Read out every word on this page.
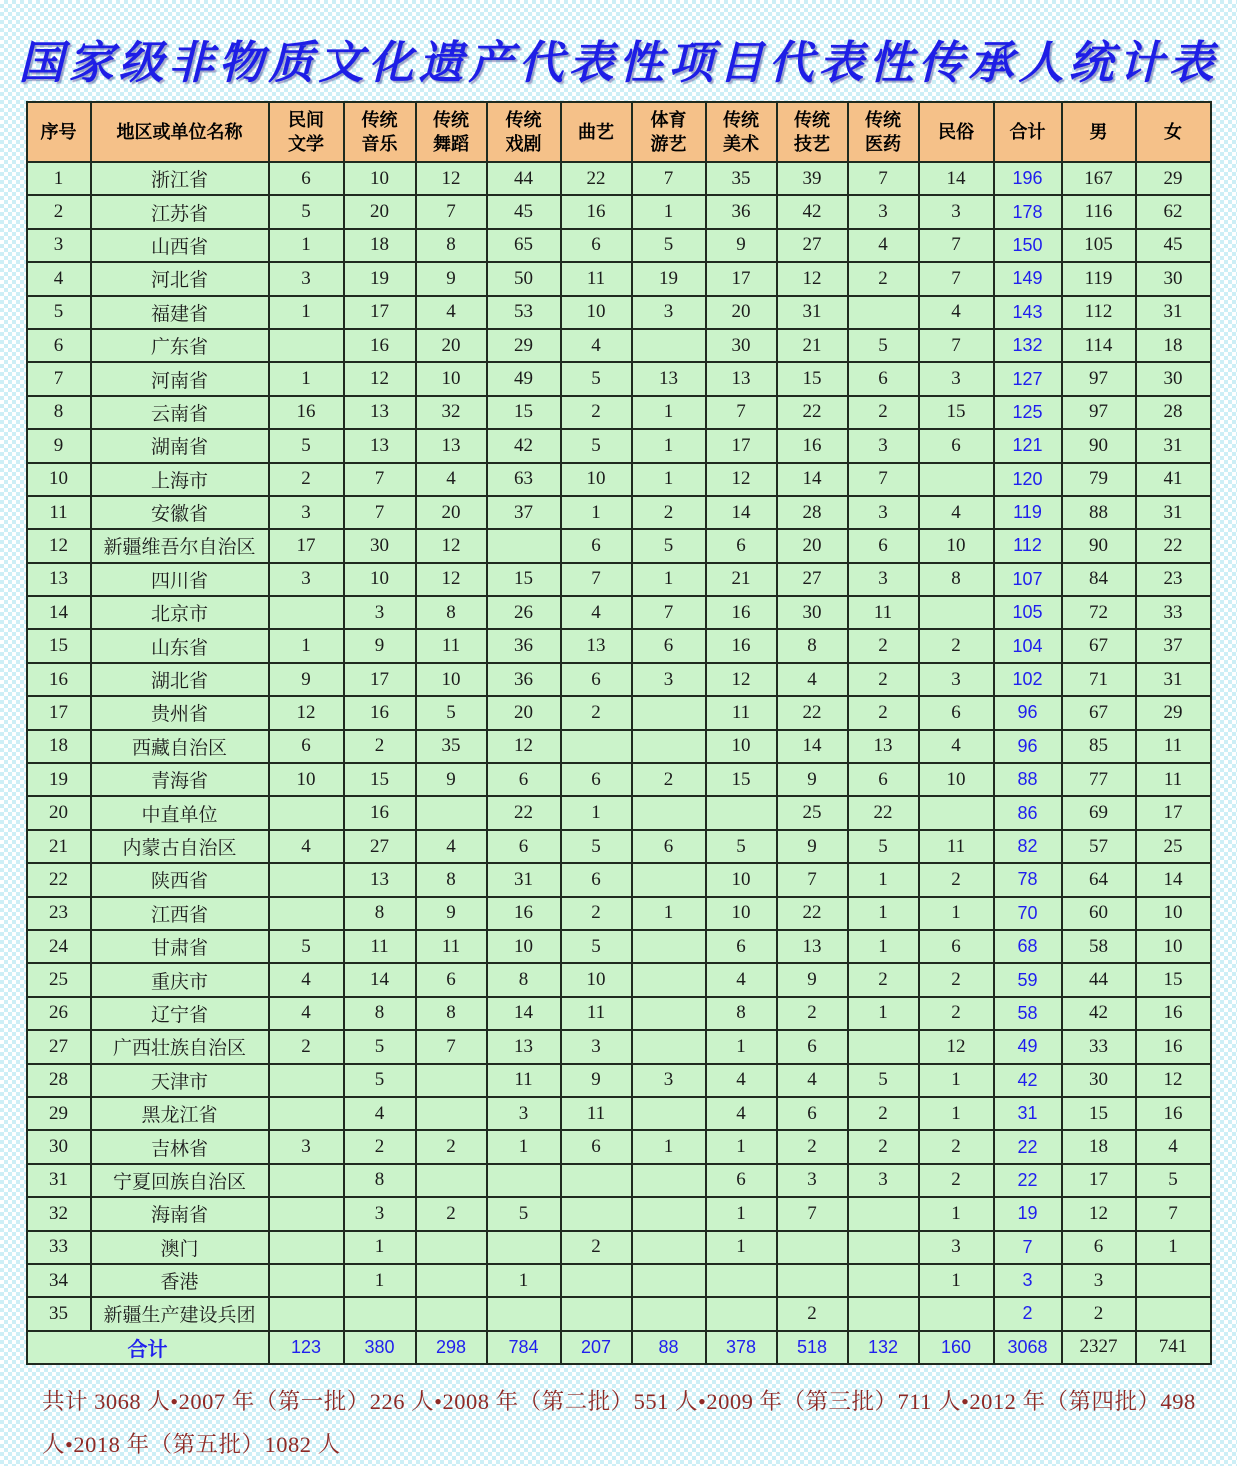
国家级非物质文化遗产代表性项目代表性传承人统计表
序号	地区或单位名称	民间
文学	传统
音乐	传统
舞蹈	传统
戏剧	曲艺	体育
游艺	传统
美术	传统
技艺	传统
医药	民俗	合计	男	女
1	浙江省	6	10	12	44	22	7	35	39	7	14	196	167	29
2	江苏省	5	20	7	45	16	1	36	42	3	3	178	116	62
3	山西省	1	18	8	65	6	5	9	27	4	7	150	105	45
4	河北省	3	19	9	50	11	19	17	12	2	7	149	119	30
5	福建省	1	17	4	53	10	3	20	31		4	143	112	31
6	广东省		16	20	29	4		30	21	5	7	132	114	18
7	河南省	1	12	10	49	5	13	13	15	6	3	127	97	30
8	云南省	16	13	32	15	2	1	7	22	2	15	125	97	28
9	湖南省	5	13	13	42	5	1	17	16	3	6	121	90	31
10	上海市	2	7	4	63	10	1	12	14	7		120	79	41
11	安徽省	3	7	20	37	1	2	14	28	3	4	119	88	31
12	新疆维吾尔自治区	17	30	12		6	5	6	20	6	10	112	90	22
13	四川省	3	10	12	15	7	1	21	27	3	8	107	84	23
14	北京市		3	8	26	4	7	16	30	11		105	72	33
15	山东省	1	9	11	36	13	6	16	8	2	2	104	67	37
16	湖北省	9	17	10	36	6	3	12	4	2	3	102	71	31
17	贵州省	12	16	5	20	2		11	22	2	6	96	67	29
18	西藏自治区	6	2	35	12			10	14	13	4	96	85	11
19	青海省	10	15	9	6	6	2	15	9	6	10	88	77	11
20	中直单位		16		22	1			25	22		86	69	17
21	内蒙古自治区	4	27	4	6	5	6	5	9	5	11	82	57	25
22	陕西省		13	8	31	6		10	7	1	2	78	64	14
23	江西省		8	9	16	2	1	10	22	1	1	70	60	10
24	甘肃省	5	11	11	10	5		6	13	1	6	68	58	10
25	重庆市	4	14	6	8	10		4	9	2	2	59	44	15
26	辽宁省	4	8	8	14	11		8	2	1	2	58	42	16
27	广西壮族自治区	2	5	7	13	3		1	6		12	49	33	16
28	天津市		5		11	9	3	4	4	5	1	42	30	12
29	黑龙江省		4		3	11		4	6	2	1	31	15	16
30	吉林省	3	2	2	1	6	1	1	2	2	2	22	18	4
31	宁夏回族自治区		8					6	3	3	2	22	17	5
32	海南省		3	2	5			1	7		1	19	12	7
33	澳门		1			2		1			3	7	6	1
34	香港		1		1						1	3	3	
35	新疆生产建设兵团								2			2	2	
合计		123	380	298	784	207	88	378	518	132	160	3068	2327	741

共计 3068 人•2007 年（第一批）226 人•2008 年（第二批）551 人•2009 年（第三批）711 人•2012 年（第四批）498 人•2018 年（第五批）1082 人
